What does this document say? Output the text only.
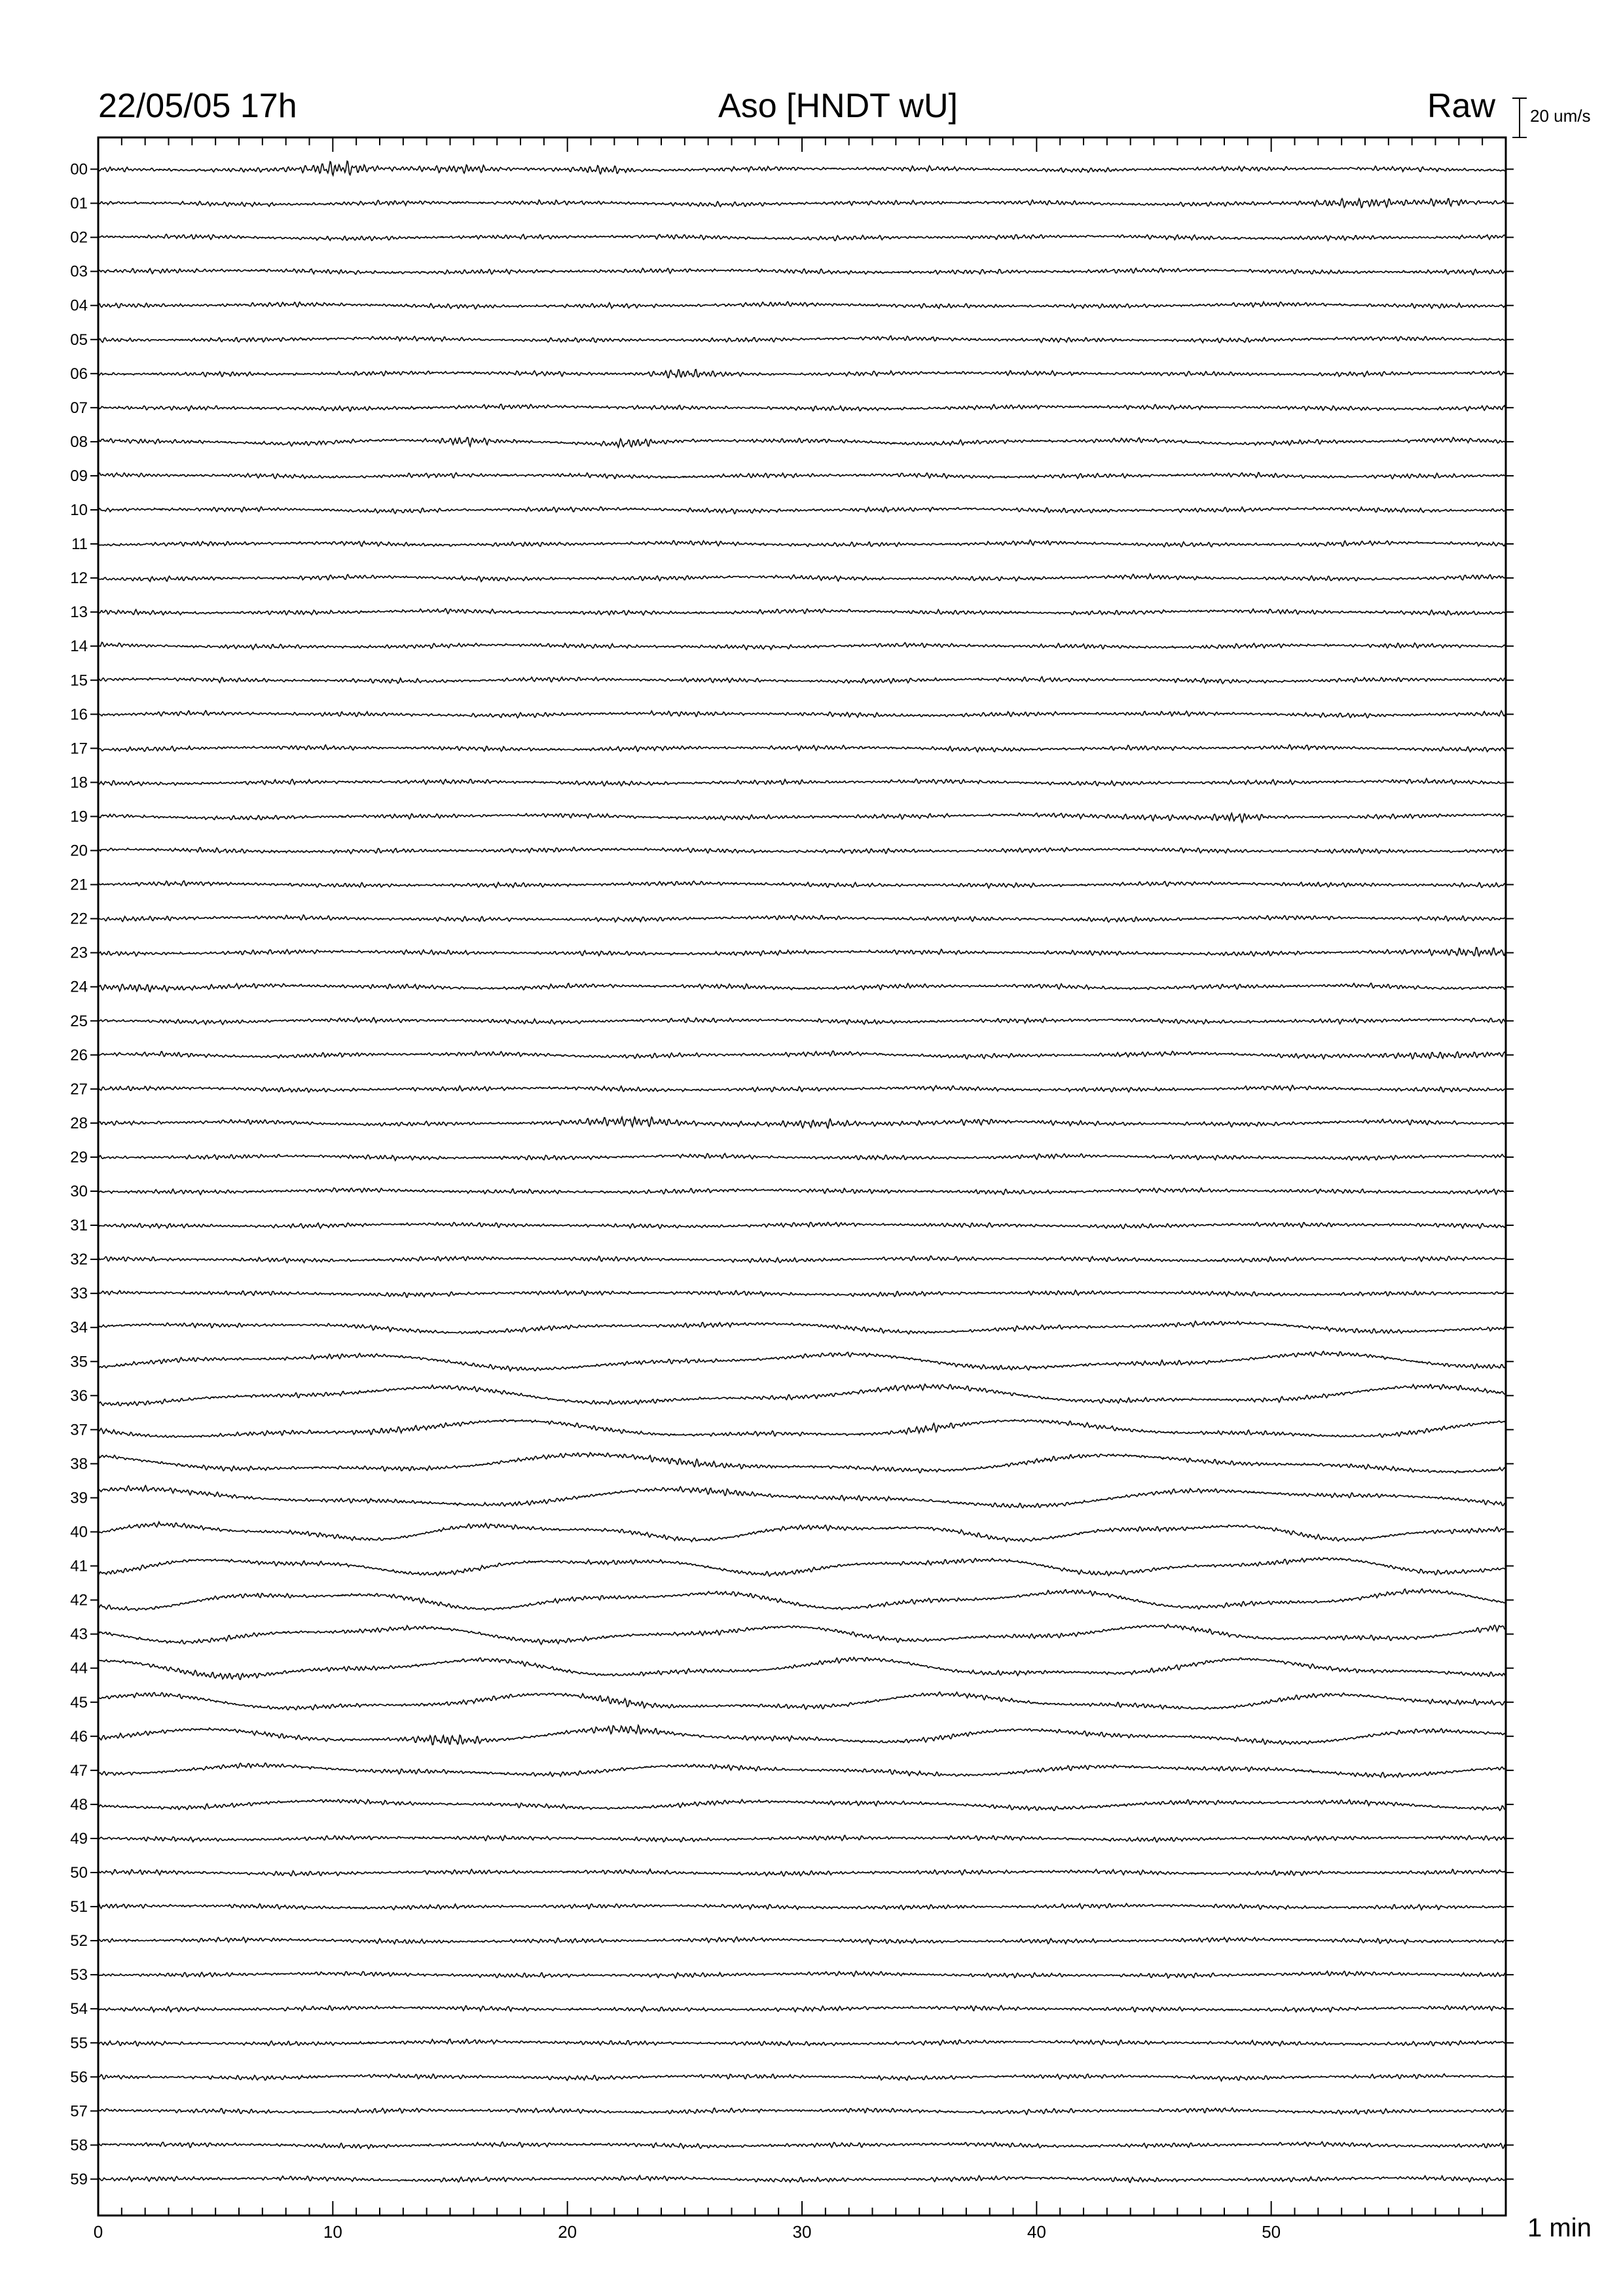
22/05/05 17h	Aso [HNDT wU]	Raw 20 um/s
1 min
00
01
02
03
04
05
06
07
08
09
10
11
12
13
14
15
16
17
18
19
20
21
22
23
24
25
26
27
28
29
30
31
32
33
34
35
36
37
38
39
40
41
42
43
44
45
46
47
48
49
50
51
52
53
54
55
56
57
58
59
0	10	20	30	40	50
